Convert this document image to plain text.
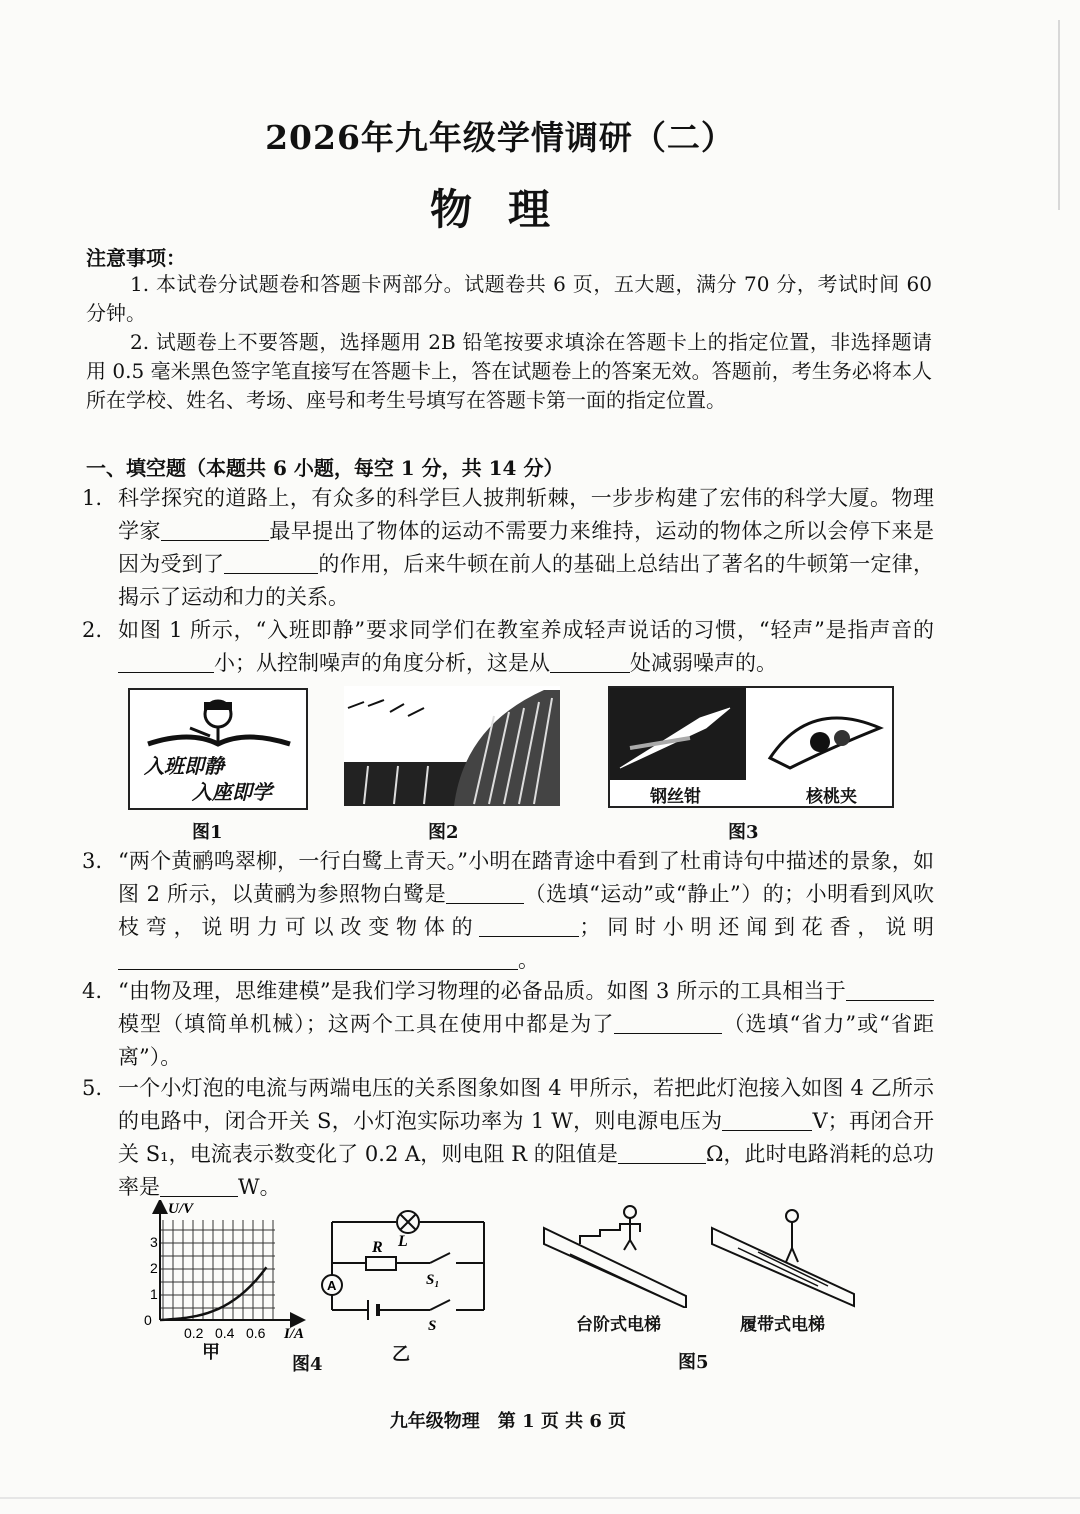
2026年九年级学情调研（二）
物理
注意事项：
1. 本试卷分试题卷和答题卡两部分。试题卷共 6 页，五大题，满分 70 分，考试时间 60 分钟。
2. 试题卷上不要答题，选择题用 2B 铅笔按要求填涂在答题卡上的指定位置，非选择题请用 0.5 毫米黑色签字笔直接写在答题卡上，答在试题卷上的答案无效。答题前，考生务必将本人所在学校、姓名、考场、座号和考生号填写在答题卡第一面的指定位置。
一、填空题（本题共 6 小题，每空 1 分，共 14 分）
1. 科学探究的道路上，有众多的科学巨人披荆斩棘，一步步构建了宏伟的科学大厦。物理学家	最早提出了物体的运动不需要力来维持，运动的物体之所以会停下来是因为受到了	的作用，后来牛顿在前人的基础上总结出了著名的牛顿第一定律，揭示了运动和力的关系。
2. 如图 1 所示，“入班即静”要求同学们在教室养成轻声说话的习惯，“轻声”是指声音的小；从控制噪声的角度分析，这是从	处减弱噪声的。
入班即静
入座即学
图1	图2
钢丝钳	核桃夹
图3
3. “两个黄鹂鸣翠柳，一行白鹭上青天。”小明在踏青途中看到了杜甫诗句中描述的景象，如图 2 所示，以黄鹂为参照物白鹭是	（选填“运动”或“静止”）的；小明看到风吹枝弯，说明力可以改变物体的	；同时小明还闻到花香，说明。
4. “由物及理，思维建模”是我们学习物理的必备品质。如图 3 所示的工具相当于模型（填简单机械）；这两个工具在使用中都是为了	（选填“省力”或“省距离”）。
5. 一个小灯泡的电流与两端电压的关系图象如图 4 甲所示，若把此灯泡接入如图 4 乙所示的电路中，闭合开关 S，小灯泡实际功率为 1 W，则电源电压为	V；再闭合开关 S₁，电流表示数变化了 0.2 A，则电阻 R 的阻值是	Ω，此时电路消耗的总功率是	W。
U/V
0
1
2
3
0.2 0.4 0.6 I/A
甲
图4
A
R L
S₁
S
乙
台阶式电梯	履带式电梯
图5
九年级物理　第 1 页 共 6 页
